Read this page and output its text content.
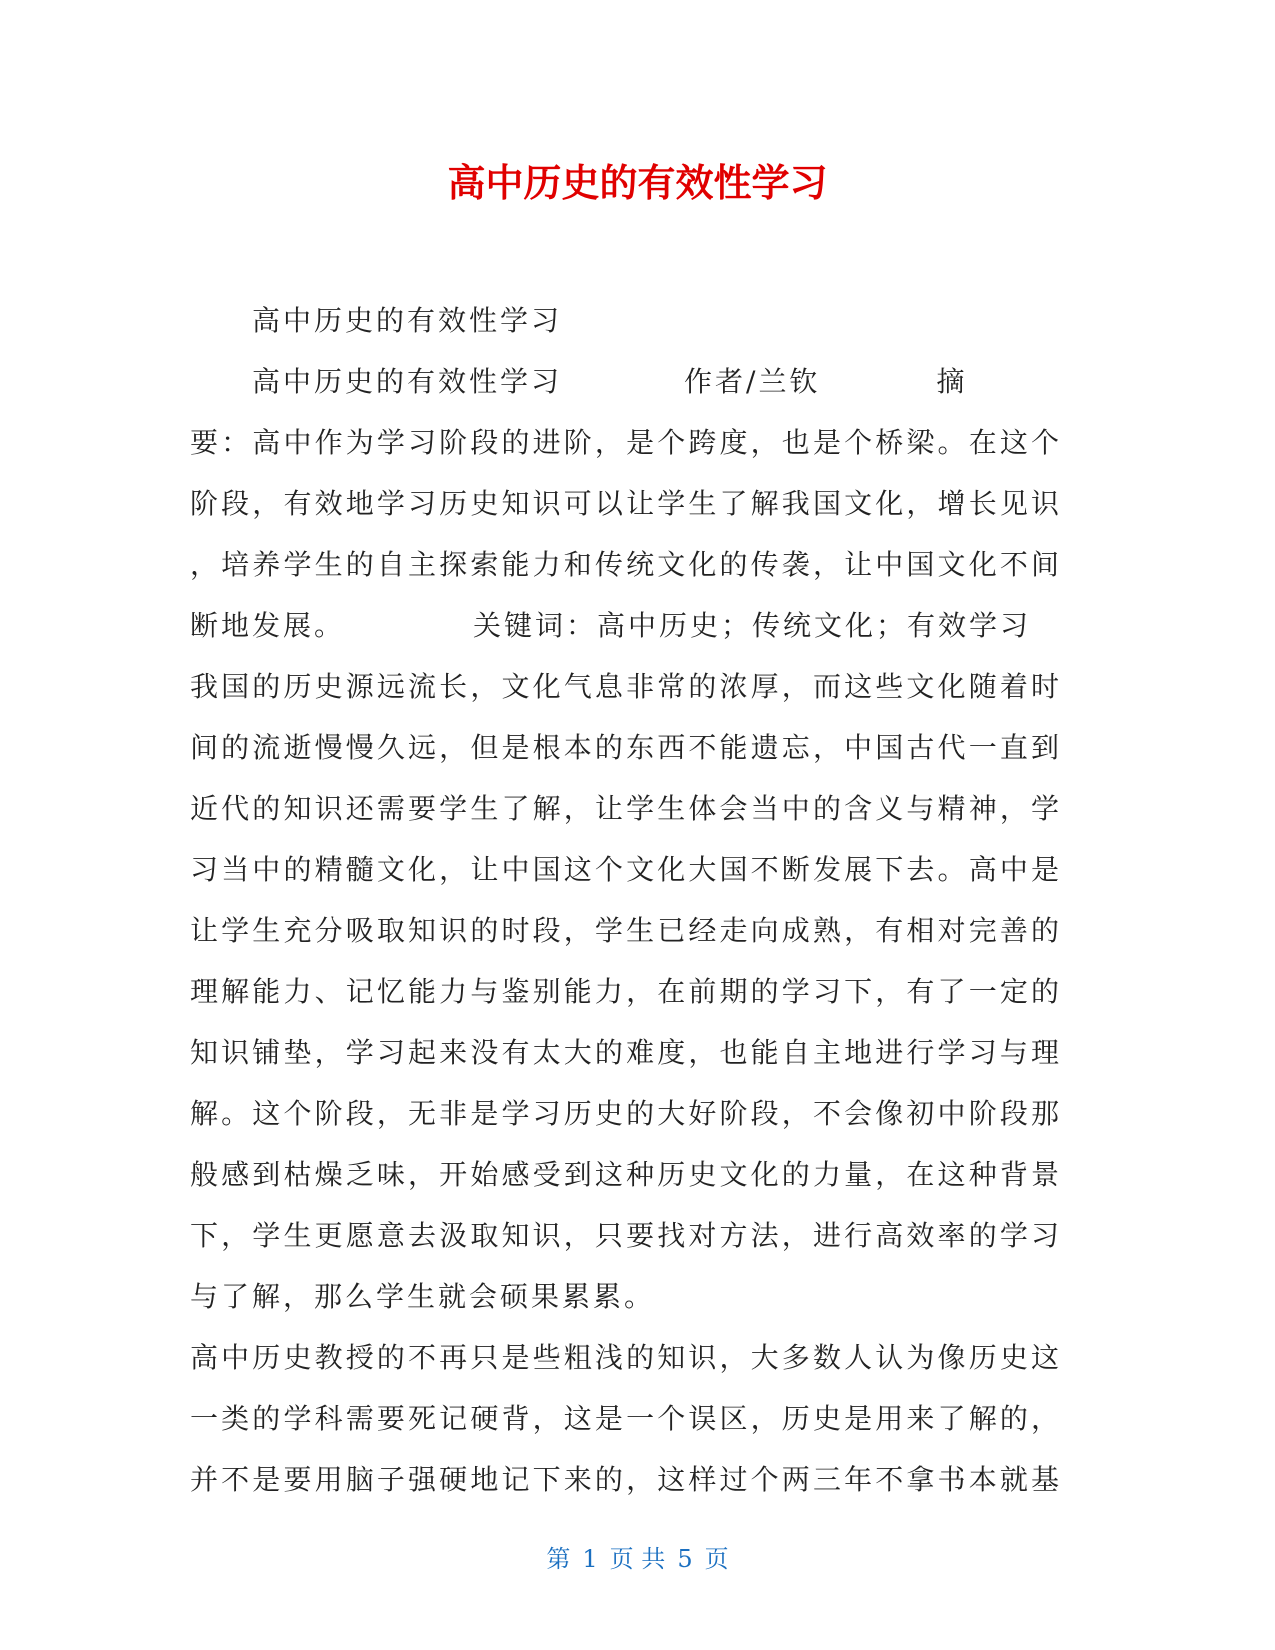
高中历史的有效性学习
高中历史的有效性学习
高中历史的有效性学习	作者/兰钦	摘
要：高中作为学习阶段的进阶，是个跨度，也是个桥梁。在这个
阶段，有效地学习历史知识可以让学生了解我国文化，增长见识
，培养学生的自主探索能力和传统文化的传袭，让中国文化不间
断地发展。	关键词：高中历史；传统文化；有效学习
我国的历史源远流长，文化气息非常的浓厚，而这些文化随着时
间的流逝慢慢久远，但是根本的东西不能遗忘，中国古代一直到
近代的知识还需要学生了解，让学生体会当中的含义与精神，学
习当中的精髓文化，让中国这个文化大国不断发展下去。高中是
让学生充分吸取知识的时段，学生已经走向成熟，有相对完善的
理解能力、记忆能力与鉴别能力，在前期的学习下，有了一定的
知识铺垫，学习起来没有太大的难度，也能自主地进行学习与理
解。这个阶段，无非是学习历史的大好阶段，不会像初中阶段那
般感到枯燥乏味，开始感受到这种历史文化的力量，在这种背景
下，学生更愿意去汲取知识，只要找对方法，进行高效率的学习
与了解，那么学生就会硕果累累。
高中历史教授的不再只是些粗浅的知识，大多数人认为像历史这
一类的学科需要死记硬背，这是一个误区，历史是用来了解的，
并不是要用脑子强硬地记下来的，这样过个两三年不拿书本就基
第 1 页 共 5 页
